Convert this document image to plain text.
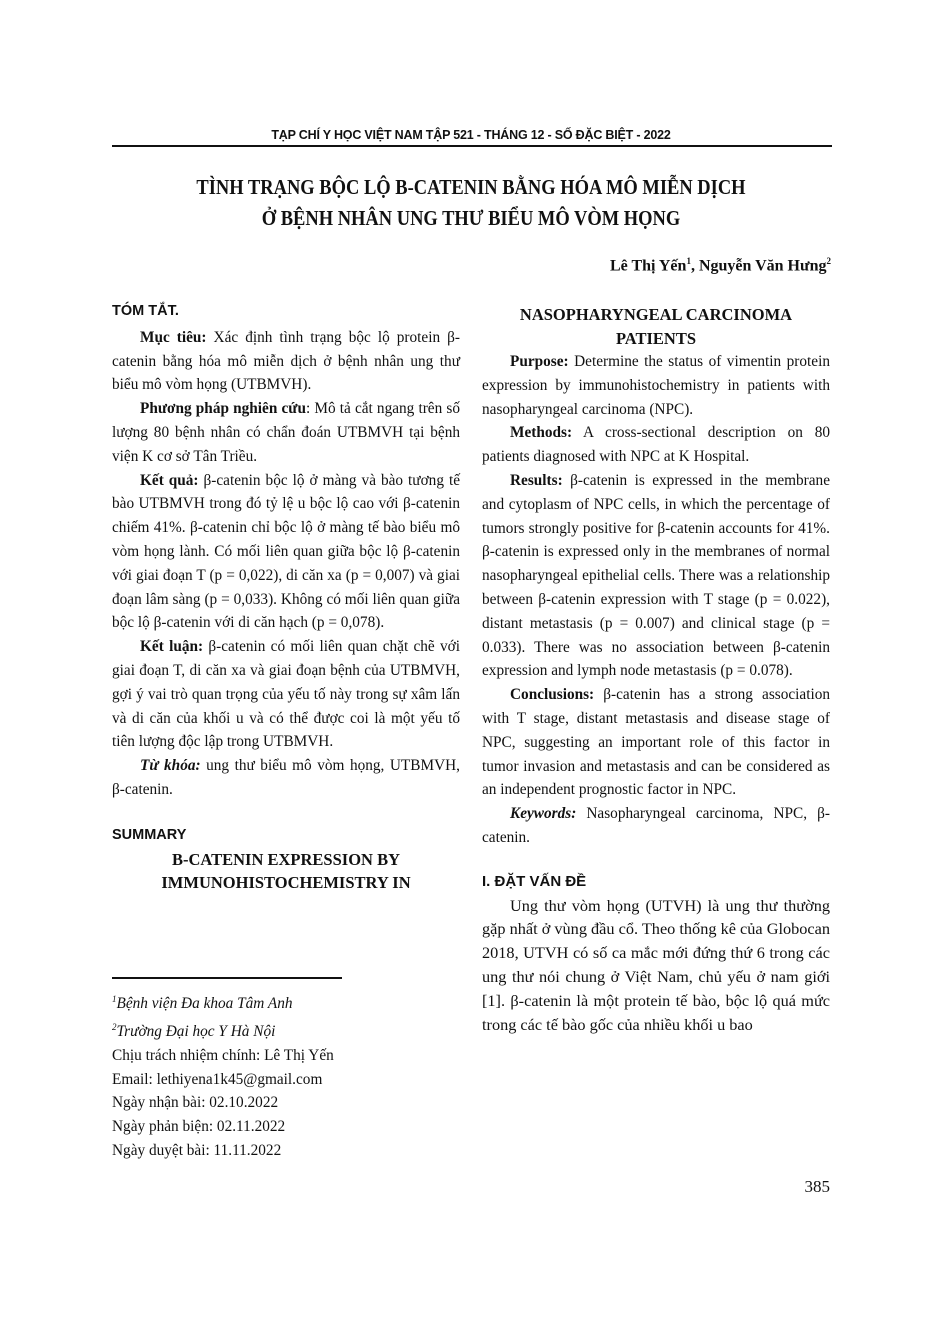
TẠP CHÍ Y HỌC VIỆT NAM TẬP 521 - THÁNG 12 - SỐ ĐẶC BIỆT - 2022
TÌNH TRẠNG BỘC LỘ B-CATENIN BẰNG HÓA MÔ MIỄN DỊCH
Ở BỆNH NHÂN UNG THƯ BIỂU MÔ VÒM HỌNG
Lê Thị Yến$^1$, Nguyễn Văn Hưng$^2$
TÓM TẮT.

Mục tiêu: Xác định tình trạng bộc lộ protein β-catenin bằng hóa mô miễn dịch ở bệnh nhân ung thư biểu mô vòm họng (UTBMVH).

Phương pháp nghiên cứu: Mô tả cắt ngang trên số lượng 80 bệnh nhân có chẩn đoán UTBMVH tại bệnh viện K cơ sở Tân Triều.

Kết quả: β-catenin bộc lộ ở màng và bào tương tế bào UTBMVH trong đó tỷ lệ u bộc lộ cao với β-catenin chiếm 41%. β-catenin chỉ bộc lộ ở màng tế bào biểu mô vòm họng lành. Có mối liên quan giữa bộc lộ β-catenin với giai đoạn T (p = 0,022), di căn xa (p = 0,007) và giai đoạn lâm sàng (p = 0,033). Không có mối liên quan giữa bộc lộ β-catenin với di căn hạch (p = 0,078).

Kết luận: β-catenin có mối liên quan chặt chẽ với giai đoạn T, di căn xa và giai đoạn bệnh của UTBMVH, gợi ý vai trò quan trọng của yếu tố này trong sự xâm lấn và di căn của khối u và có thể được coi là một yếu tố tiên lượng độc lập trong UTBMVH.

Từ khóa: ung thư biểu mô vòm họng, UTBMVH, β-catenin.

SUMMARY
B-CATENIN EXPRESSION BY
IMMUNOHISTOCHEMISTRY IN
$^1$Bệnh viện Đa khoa Tâm Anh
$^2$Trường Đại học Y Hà Nội
Chịu trách nhiệm chính: Lê Thị Yến
Email: lethiyena1k45@gmail.com
Ngày nhận bài: 02.10.2022
Ngày phản biện: 02.11.2022
Ngày duyệt bài: 11.11.2022
NASOPHARYNGEAL CARCINOMA
PATIENTS

Purpose: Determine the status of vimentin protein expression by immunohistochemistry in patients with nasopharyngeal carcinoma (NPC).

Methods: A cross-sectional description on 80 patients diagnosed with NPC at K Hospital.

Results: β-catenin is expressed in the membrane and cytoplasm of NPC cells, in which the percentage of tumors strongly positive for β-catenin accounts for 41%. β-catenin is expressed only in the membranes of normal nasopharyngeal epithelial cells. There was a relationship between β-catenin expression with T stage (p = 0.022), distant metastasis (p = 0.007) and clinical stage (p = 0.033). There was no association between β-catenin expression and lymph node metastasis (p = 0.078).

Conclusions: β-catenin has a strong association with T stage, distant metastasis and disease stage of NPC, suggesting an important role of this factor in tumor invasion and metastasis and can be considered as an independent prognostic factor in NPC.

Keywords: Nasopharyngeal carcinoma, NPC, β-catenin.

I. ĐẶT VẤN ĐỀ

Ung thư vòm họng (UTVH) là ung thư thường gặp nhất ở vùng đầu cổ. Theo thống kê của Globocan 2018, UTVH có số ca mắc mới đứng thứ 6 trong các ung thư nói chung ở Việt Nam, chủ yếu ở nam giới [1]. β-catenin là một protein tế bào, bộc lộ quá mức trong các tế bào gốc của nhiều khối u bao

385
